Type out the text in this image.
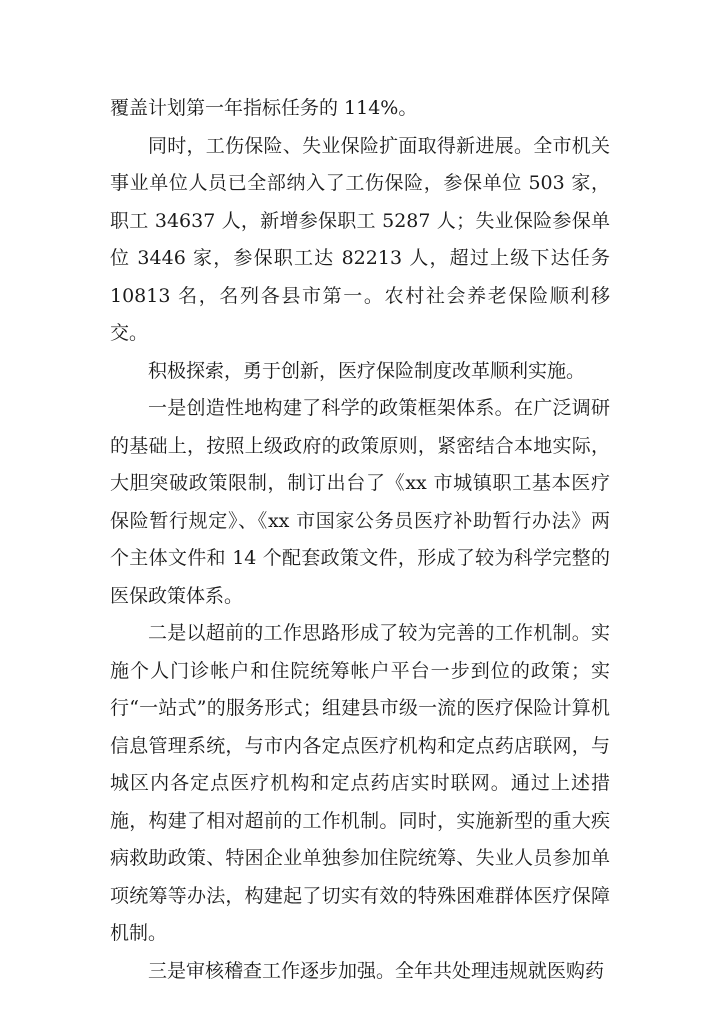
覆盖计划第一年指标任务的 114%。

同时，工伤保险、失业保险扩面取得新进展。全市机关事业单位人员已全部纳入了工伤保险，参保单位 503 家，职工 34637 人，新增参保职工 5287 人；失业保险参保单位 3446 家，参保职工达 82213 人，超过上级下达任务 10813 名，名列各县市第一。农村社会养老保险顺利移交。

积极探索，勇于创新，医疗保险制度改革顺利实施。

一是创造性地构建了科学的政策框架体系。在广泛调研的基础上，按照上级政府的政策原则，紧密结合本地实际，大胆突破政策限制，制订出台了《xx 市城镇职工基本医疗保险暂行规定》、《xx 市国家公务员医疗补助暂行办法》两个主体文件和 14 个配套政策文件，形成了较为科学完整的医保政策体系。

二是以超前的工作思路形成了较为完善的工作机制。实施个人门诊帐户和住院统筹帐户平台一步到位的政策；实行“一站式”的服务形式；组建县市级一流的医疗保险计算机信息管理系统，与市内各定点医疗机构和定点药店联网，与城区内各定点医疗机构和定点药店实时联网。通过上述措施，构建了相对超前的工作机制。同时，实施新型的重大疾病救助政策、特困企业单独参加住院统筹、失业人员参加单项统筹等办法，构建起了切实有效的特殊困难群体医疗保障机制。

三是审核稽查工作逐步加强。全年共处理违规就医购药
